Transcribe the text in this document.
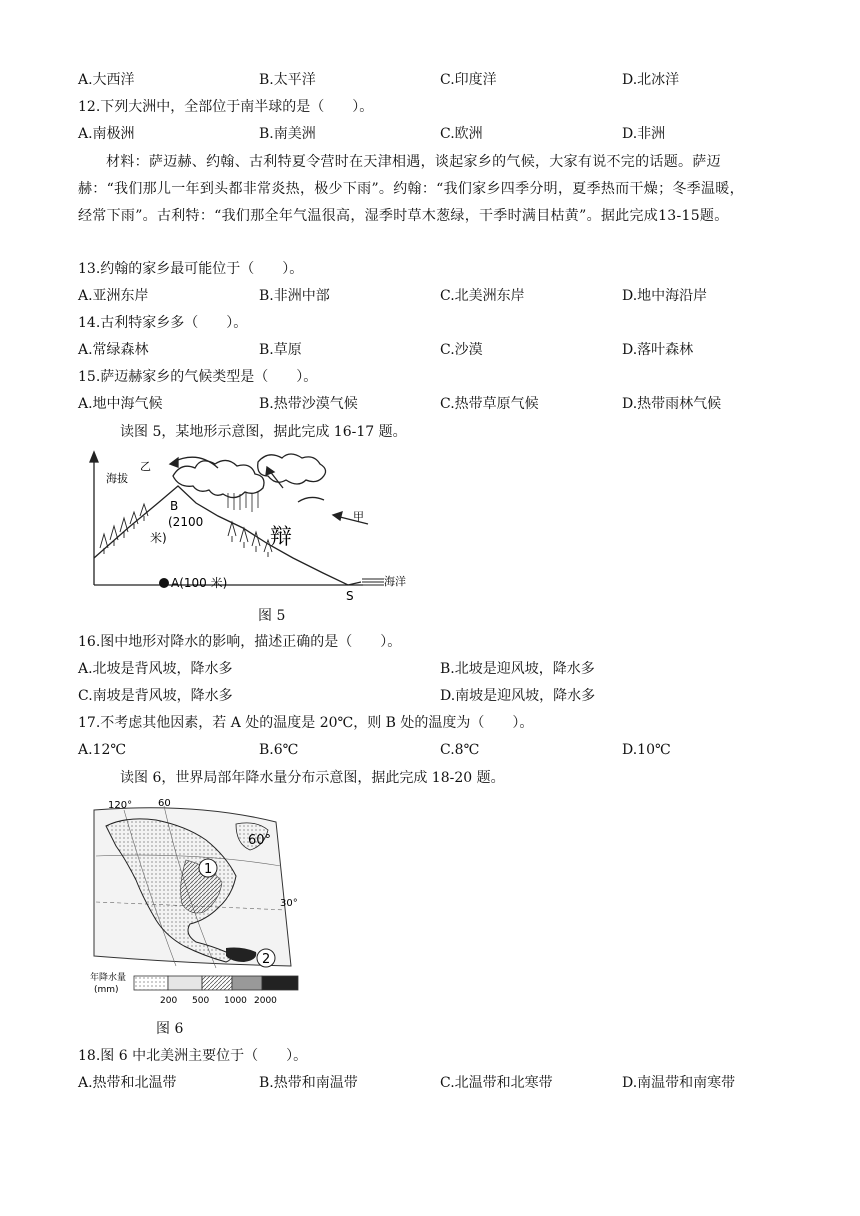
A.大西洋	B.太平洋	C.印度洋	D.北冰洋
12.下列大洲中，全部位于南半球的是（　　）。
A.南极洲	B.南美洲	C.欧洲	D.非洲
材料：萨迈赫、约翰、古利特夏令营时在天津相遇，谈起家乡的气候，大家有说不完的话题。萨迈赫：“我们那儿一年到头都非常炎热，极少下雨”。约翰：“我们家乡四季分明，夏季热而干燥；冬季温暖，经常下雨”。古利特：“我们那全年气温很高，湿季时草木葱绿，干季时满目枯黄”。据此完成13-15题。
13.约翰的家乡最可能位于（　　）。
A.亚洲东岸	B.非洲中部	C.北美洲东岸	D.地中海沿岸
14.古利特家乡多（　　）。
A.常绿森林	B.草原	C.沙漠	D.落叶森林
15.萨迈赫家乡的气候类型是（　　）。
A.地中海气候	B.热带沙漠气候	C.热带草原气候	D.热带雨林气候
读图 5，某地形示意图，据此完成 16-17 题。
海拔
乙
甲
B
(2100
米)	辩
A(100 米)
S
海洋
图 5
16.图中地形对降水的影响，描述正确的是（　　）。
A.北坡是背风坡，降水多	B.北坡是迎风坡，降水多
C.南坡是背风坡，降水多	D.南坡是迎风坡，降水多
17.不考虑其他因素，若 A 处的温度是 20℃，则 B 处的温度为（　　）。
A.12℃	B.6℃	C.8℃	D.10℃
读图 6，世界局部年降水量分布示意图，据此完成 18-20 题。
1
2
120°	60
60°
30°
年降水量
(mm)
200 500 1000 2000
图 6
18.图 6 中北美洲主要位于（　　）。
A.热带和北温带	B.热带和南温带	C.北温带和北寒带	D.南温带和南寒带
